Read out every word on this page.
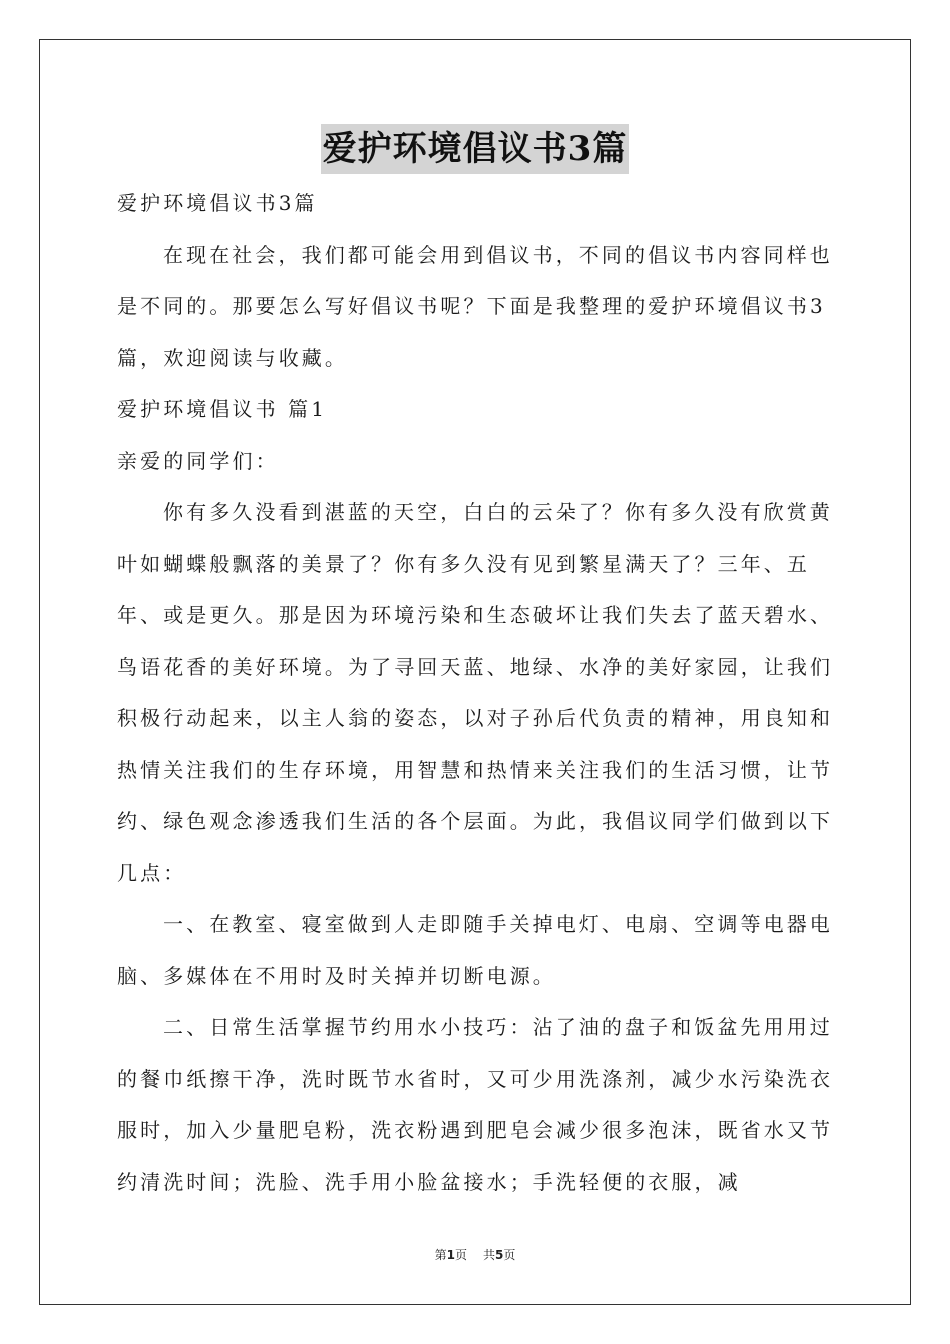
爱护环境倡议书3篇

爱护环境倡议书3篇

在现在社会，我们都可能会用到倡议书，不同的倡议书内容同样也是不同的。那要怎么写好倡议书呢？下面是我整理的爱护环境倡议书3篇，欢迎阅读与收藏。

爱护环境倡议书 篇1

亲爱的同学们：

你有多久没看到湛蓝的天空，白白的云朵了？你有多久没有欣赏黄叶如蝴蝶般飘落的美景了？你有多久没有见到繁星满天了？三年、五年、或是更久。那是因为环境污染和生态破坏让我们失去了蓝天碧水、鸟语花香的美好环境。为了寻回天蓝、地绿、水净的美好家园，让我们积极行动起来，以主人翁的姿态，以对子孙后代负责的精神，用良知和热情关注我们的生存环境，用智慧和热情来关注我们的生活习惯，让节约、绿色观念渗透我们生活的各个层面。为此，我倡议同学们做到以下几点：

一、在教室、寝室做到人走即随手关掉电灯、电扇、空调等电器电脑、多媒体在不用时及时关掉并切断电源。

二、日常生活掌握节约用水小技巧：沾了油的盘子和饭盆先用用过的餐巾纸擦干净，洗时既节水省时，又可少用洗涤剂，减少水污染洗衣服时，加入少量肥皂粉，洗衣粉遇到肥皂会减少很多泡沫，既省水又节约清洗时间；洗脸、洗手用小脸盆接水；手洗轻便的衣服，减

第1页 共5页
